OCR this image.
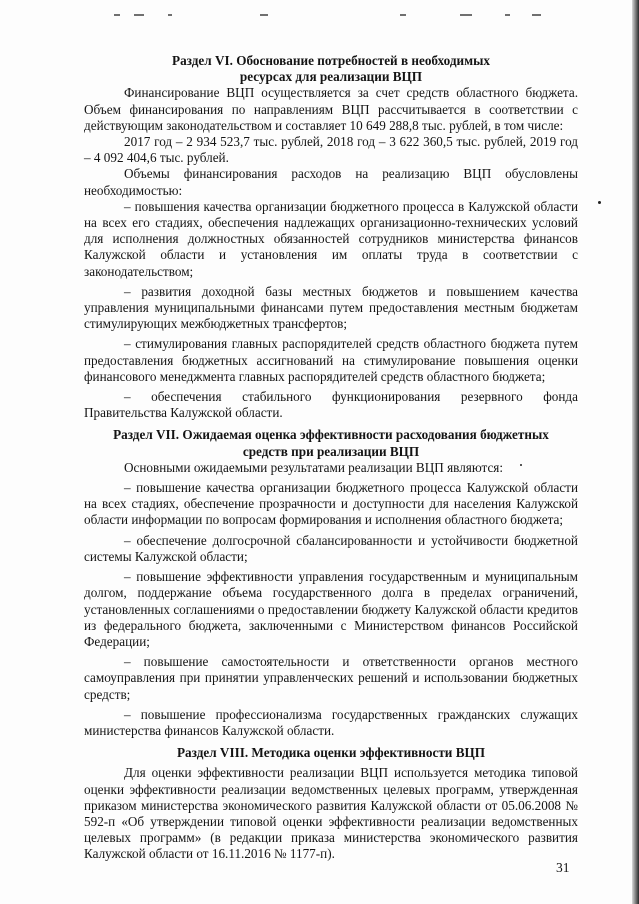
Раздел VI. Обоснование потребностей в необходимых

ресурсах для реализации ВЦП

Финансирование ВЦП осуществляется за счет средств областного бюджета. Объем финансирования по направлениям ВЦП рассчитывается в соответствии с действующим законодательством и составляет 10 649 288,8 тыс. рублей, в том числе:

2017 год – 2 934 523,7 тыс. рублей, 2018 год – 3 622 360,5 тыс. рублей, 2019 год – 4 092 404,6 тыс. рублей.

Объемы финансирования расходов на реализацию ВЦП обусловлены необходимостью:

– повышения качества организации бюджетного процесса в Калужской области на всех его стадиях, обеспечения надлежащих организационно-технических условий для исполнения должностных обязанностей сотрудников министерства финансов Калужской области и установления им оплаты труда в соответствии с законодательством;

– развития доходной базы местных бюджетов и повышением качества управления муниципальными финансами путем предоставления местным бюджетам стимулирующих межбюджетных трансфертов;

– стимулирования главных распорядителей средств областного бюджета путем предоставления бюджетных ассигнований на стимулирование повышения оценки финансового менеджмента главных распорядителей средств областного бюджета;

– обеспечения стабильного функционирования резервного фонда Правительства Калужской области.

Раздел VII. Ожидаемая оценка эффективности расходования бюджетных

средств при реализации ВЦП

Основными ожидаемыми результатами реализации ВЦП являются:

– повышение качества организации бюджетного процесса Калужской области на всех стадиях, обеспечение прозрачности и доступности для населения Калужской области информации по вопросам формирования и исполнения областного бюджета;

– обеспечение долгосрочной сбалансированности и устойчивости бюджетной системы Калужской области;

– повышение эффективности управления государственным и муниципальным долгом, поддержание объема государственного долга в пределах ограничений, установленных соглашениями о предоставлении бюджету Калужской области кредитов из федерального бюджета, заключенными с Министерством финансов Российской Федерации;

– повышение самостоятельности и ответственности органов местного самоуправления при принятии управленческих решений и использовании бюджетных средств;

– повышение профессионализма государственных гражданских служащих министерства финансов Калужской области.

Раздел VIII. Методика оценки эффективности ВЦП

Для оценки эффективности реализации ВЦП используется методика типовой оценки эффективности реализации ведомственных целевых программ, утвержденная приказом министерства экономического развития Калужской области от 05.06.2008 № 592-п «Об утверждении типовой оценки эффективности реализации ведомственных целевых программ» (в редакции приказа министерства экономического развития Калужской области от 16.11.2016 № 1177-п).

31
